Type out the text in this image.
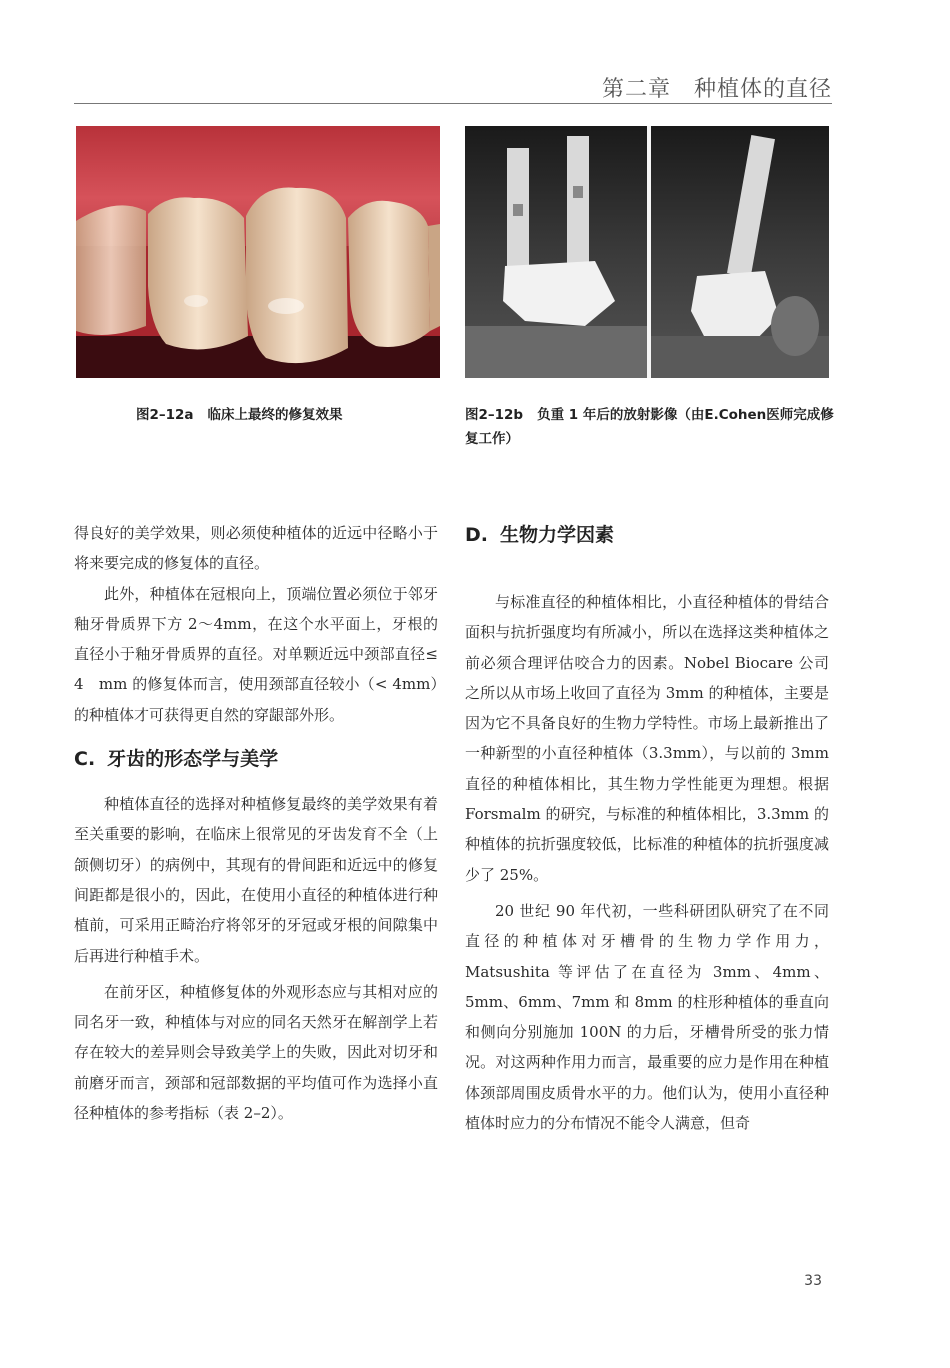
第二章　种植体的直径
图2–12a 临床上最终的修复效果	图2–12b 负重 1 年后的放射影像（由E.Cohen医师完成修复工作）

得良好的美学效果，则必须使种植体的近远中径略小于将来要完成的修复体的直径。

此外，种植体在冠根向上，顶端位置必须位于邻牙釉牙骨质界下方 2～4mm，在这个水平面上，牙根的直径小于釉牙骨质界的直径。对单颗近远中颈部直径≤ 4　mm 的修复体而言，使用颈部直径较小（< 4mm）的种植体才可获得更自然的穿龈部外形。

C. 牙齿的形态学与美学

种植体直径的选择对种植修复最终的美学效果有着至关重要的影响，在临床上很常见的牙齿发育不全（上颌侧切牙）的病例中，其现有的骨间距和近远中的修复间距都是很小的，因此，在使用小直径的种植体进行种植前，可采用正畸治疗将邻牙的牙冠或牙根的间隙集中后再进行种植手术。

在前牙区，种植修复体的外观形态应与其相对应的同名牙一致，种植体与对应的同名天然牙在解剖学上若存在较大的差异则会导致美学上的失败，因此对切牙和前磨牙而言，颈部和冠部数据的平均值可作为选择小直径种植体的参考指标（表 2–2）。

D. 生物力学因素

与标准直径的种植体相比，小直径种植体的骨结合面积与抗折强度均有所减小，所以在选择这类种植体之前必须合理评估咬合力的因素。Nobel Biocare 公司之所以从市场上收回了直径为 3mm 的种植体，主要是因为它不具备良好的生物力学特性。市场上最新推出了一种新型的小直径种植体（3.3mm），与以前的 3mm 直径的种植体相比，其生物力学性能更为理想。根据 Forsmalm 的研究，与标准的种植体相比，3.3mm 的种植体的抗折强度较低，比标准的种植体的抗折强度减少了 25%。

20 世纪 90 年代初，一些科研团队研究了在不同直径的种植体对牙槽骨的生物力学作用力，Matsushita 等评估了在直径为 3mm、4mm、5mm、6mm、7mm 和 8mm 的柱形种植体的垂直向和侧向分别施加 100N 的力后，牙槽骨所受的张力情况。对这两种作用力而言，最重要的应力是作用在种植体颈部周围皮质骨水平的力。他们认为，使用小直径种植体时应力的分布情况不能令人满意，但奇

33
